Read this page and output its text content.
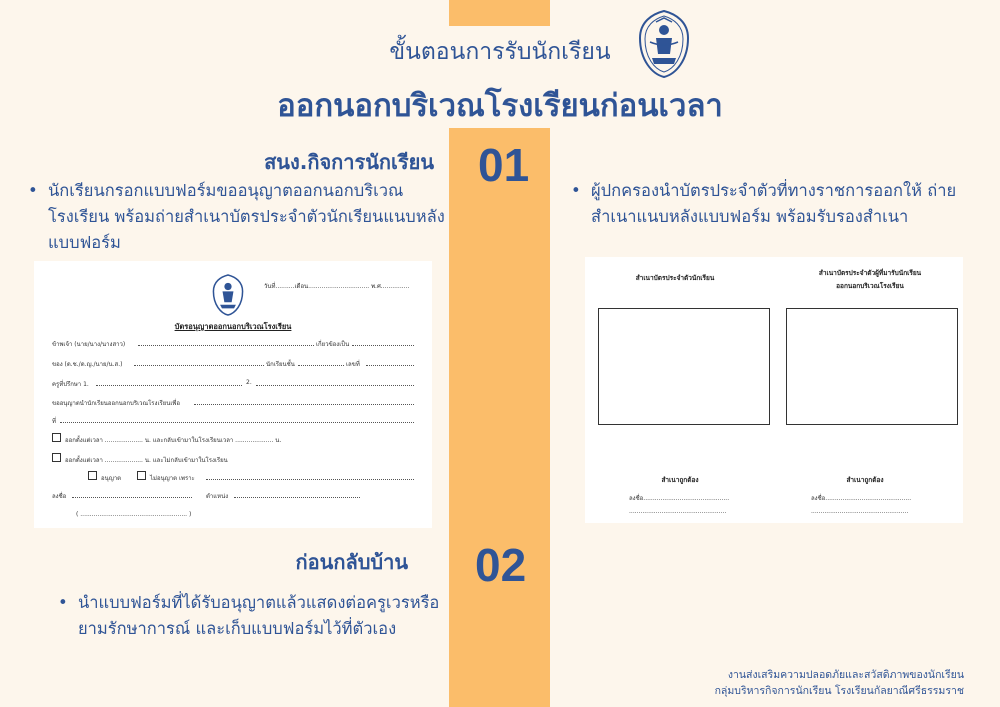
ขั้นตอนการรับนักเรียน
ออกนอกบริเวณโรงเรียนก่อนเวลา
01
02
สนง.กิจการนักเรียน
ก่อนกลับบ้าน
• นักเรียนกรอกแบบฟอร์มขออนุญาตออกนอกบริเวณโรงเรียน พร้อมถ่ายสำเนาบัตรประจำตัวนักเรียนแนบหลังแบบฟอร์ม
• ผู้ปกครองนำบัตรประจำตัวที่ทางราชการออกให้ ถ่ายสำเนาแนบหลังแบบฟอร์ม พร้อมรับรองสำเนา
• นำแบบฟอร์มที่ได้รับอนุญาตแล้วแสดงต่อครูเวรหรือยามรักษาการณ์ และเก็บแบบฟอร์มไว้ที่ตัวเอง
วันที่..........เดือน................................ พ.ศ...............
บัตรอนุญาตออกนอกบริเวณโรงเรียน
ข้าพเจ้า (นาย/นาง/นางสาว)	เกี่ยวข้องเป็น
ของ (ด.ช./ด.ญ./นาย/น.ส.)	นักเรียนชั้น	เลขที่
ครูที่ปรึกษา 1.	2.
ขออนุญาตนำนักเรียนออกนอกบริเวณโรงเรียนเพื่อ
ที่
ออกตั้งแต่เวลา .................... น. และกลับเข้ามาในโรงเรียนเวลา .................... น.
ออกตั้งแต่เวลา .................... น. และไม่กลับเข้ามาในโรงเรียน
อนุญาต	ไม่อนุญาต เพราะ
ลงชื่อ	ตำแหน่ง
( ........................................................ )
สำเนาบัตรประจำตัวนักเรียน
สำเนาบัตรประจำตัวผู้ที่มารับนักเรียน
ออกนอกบริเวณโรงเรียน
สำเนาถูกต้อง	สำเนาถูกต้อง
ลงชื่อ.............................................	ลงชื่อ.............................................
...................................................	...................................................
งานส่งเสริมความปลอดภัยและสวัสดิภาพของนักเรียน
กลุ่มบริหารกิจการนักเรียน โรงเรียนกัลยาณีศรีธรรมราช
